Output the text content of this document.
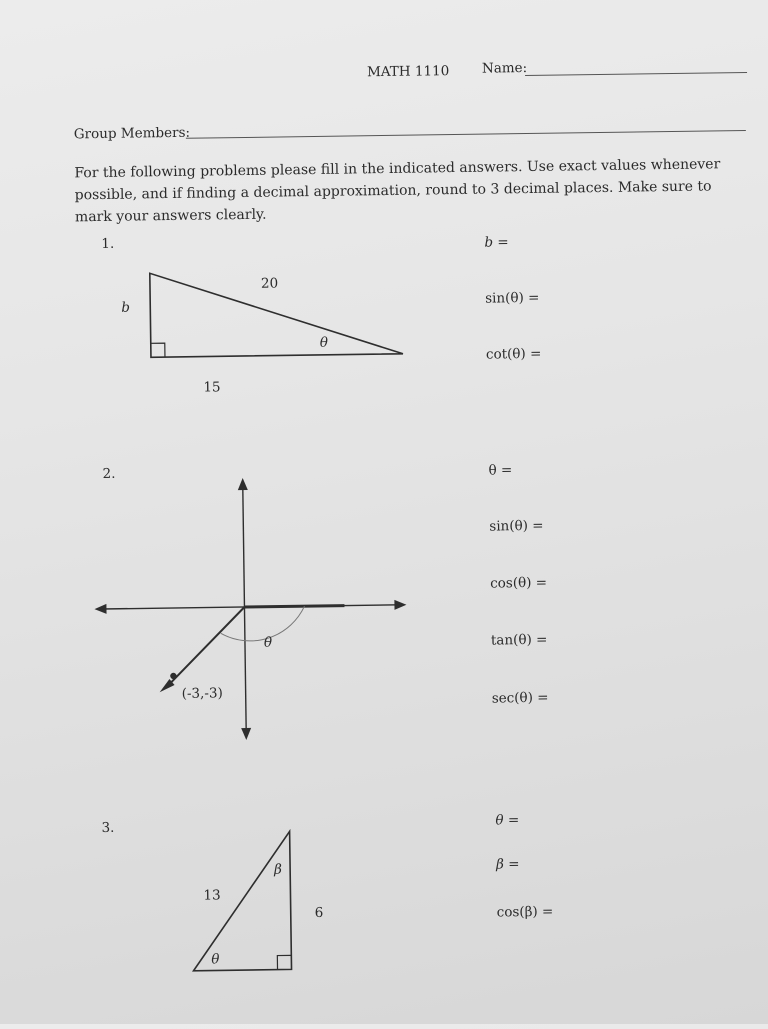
MATH 1110 Name:
Group Members:
For the following problems please fill in the indicated answers. Use exact values whenever possible, and if finding a decimal approximation, round to 3 decimal places. Make sure to mark your answers clearly.
1.
b
20
15
θ
b =
sin(θ) =
cot(θ) =
2.
θ
(-3,-3)
θ =
sin(θ) =
cos(θ) =
tan(θ) =
sec(θ) =
3.
β
13
6
θ
θ =
β =
cos(β) =
